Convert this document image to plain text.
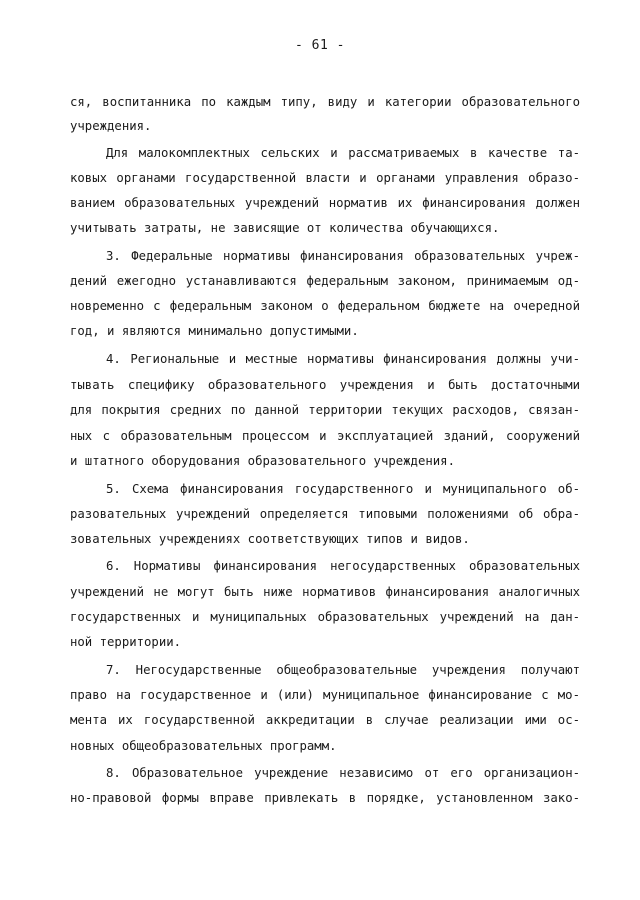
- 61 -
ся, воспитанника по каждым типу, виду и категории образовательного
учреждения.
Для малокомплектных сельских и рассматриваемых в качестве та-
ковых органами государственной власти и органами управления образо-
ванием образовательных учреждений норматив их финансирования должен
учитывать затраты, не зависящие от количества обучающихся.
3. Федеральные нормативы финансирования образовательных учреж-
дений ежегодно устанавливаются федеральным законом, принимаемым од-
новременно с федеральным законом о федеральном бюджете на очередной
год, и являются минимально допустимыми.
4. Региональные и местные нормативы финансирования должны учи-
тывать специфику образовательного учреждения и быть достаточными
для покрытия средних по данной территории текущих расходов, связан-
ных с образовательным процессом и эксплуатацией зданий, сооружений
и штатного оборудования образовательного учреждения.
5. Схема финансирования государственного и муниципального об-
разовательных учреждений определяется типовыми положениями об обра-
зовательных учреждениях соответствующих типов и видов.
6. Нормативы финансирования негосударственных образовательных
учреждений не могут быть ниже нормативов финансирования аналогичных
государственных и муниципальных образовательных учреждений на дан-
ной территории.
7. Негосударственные общеобразовательные учреждения получают
право на государственное и (или) муниципальное финансирование с мо-
мента их государственной аккредитации в случае реализации ими ос-
новных общеобразовательных программ.
8. Образовательное учреждение независимо от его организацион-
но-правовой формы вправе привлекать в порядке, установленном зако-
